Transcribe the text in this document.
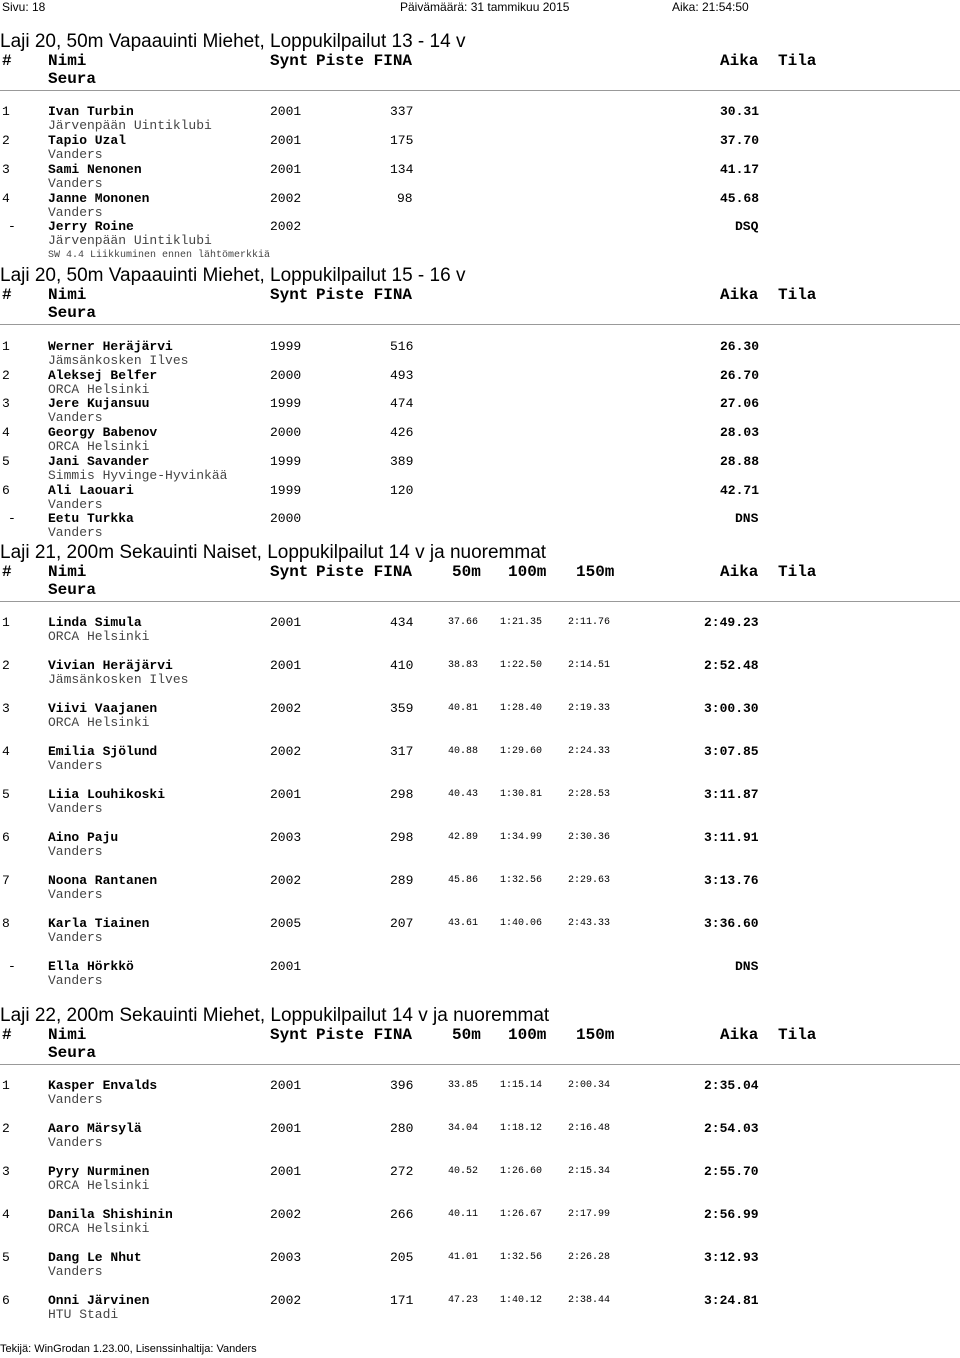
Sivu: 18	Päivämäärä: 31 tammikuu 2015	Aika: 21:54:50
Laji 20, 50m Vapaauinti Miehet, Loppukilpailut 13 - 14 v
# Nimi
Seura
Synt Piste FINA	Aika Tila
1	Ivan Turbin	2001	337	30.31
Järvenpään Uintiklubi
2	Tapio Uzal	2001	175	37.70
Vanders
3	Sami Nenonen	2001	134	41.17
Vanders
4	Janne Mononen	2002	98	45.68
Vanders
- Jerry Roine	2002	DSQ
Järvenpään Uintiklubi
SW 4.4 Liikkuminen ennen lähtömerkkiä
Laji 20, 50m Vapaauinti Miehet, Loppukilpailut 15 - 16 v
# Nimi
Seura
Synt Piste FINA	Aika Tila
1	Werner Heräjärvi	1999	516	26.30
Jämsänkosken Ilves
2	Aleksej Belfer	2000	493	26.70
ORCA Helsinki
3	Jere Kujansuu	1999	474	27.06
Vanders
4	Georgy Babenov	2000	426	28.03
ORCA Helsinki
5	Jani Savander	1999	389	28.88
Simmis Hyvinge-Hyvinkää
6	Ali Laouari	1999	120	42.71
Vanders
- Eetu Turkka	2000	DNS
Vanders
Laji 21, 200m Sekauinti Naiset, Loppukilpailut 14 v ja nuoremmat
# Nimi
Seura
Synt Piste FINA 50m 100m 150m	Aika Tila
1	Linda Simula	2001	434	37.66 1:21.35	2:11.76	2:49.23
ORCA Helsinki
2	Vivian Heräjärvi	2001	410	38.83 1:22.50	2:14.51	2:52.48
Jämsänkosken Ilves
3	Viivi Vaajanen	2002	359	40.81 1:28.40	2:19.33	3:00.30
ORCA Helsinki
4	Emilia Sjölund	2002	317	40.88 1:29.60	2:24.33	3:07.85
Vanders
5	Liia Louhikoski	2001	298	40.43 1:30.81	2:28.53	3:11.87
Vanders
6	Aino Paju	2003	298	42.89 1:34.99	2:30.36	3:11.91
Vanders
7	Noona Rantanen	2002	289	45.86 1:32.56	2:29.63	3:13.76
Vanders
8	Karla Tiainen	2005	207	43.61 1:40.06	2:43.33	3:36.60
Vanders
- Ella Hörkkö	2001	DNS
Vanders
Laji 22, 200m Sekauinti Miehet, Loppukilpailut 14 v ja nuoremmat
# Nimi
Seura
Synt Piste FINA 50m 100m 150m	Aika Tila
1	Kasper Envalds	2001	396	33.85 1:15.14	2:00.34	2:35.04
Vanders
2	Aaro Märsylä	2001	280	34.04 1:18.12	2:16.48	2:54.03
Vanders
3	Pyry Nurminen	2001	272	40.52 1:26.60	2:15.34	2:55.70
ORCA Helsinki
4	Danila Shishinin	2002	266	40.11 1:26.67	2:17.99	2:56.99
ORCA Helsinki
5	Dang Le Nhut	2003	205	41.01 1:32.56	2:26.28	3:12.93
Vanders
6	Onni Järvinen	2002	171	47.23 1:40.12	2:38.44	3:24.81
HTU Stadi
Tekijä: WinGrodan 1.23.00, Lisenssinhaltija: Vanders
